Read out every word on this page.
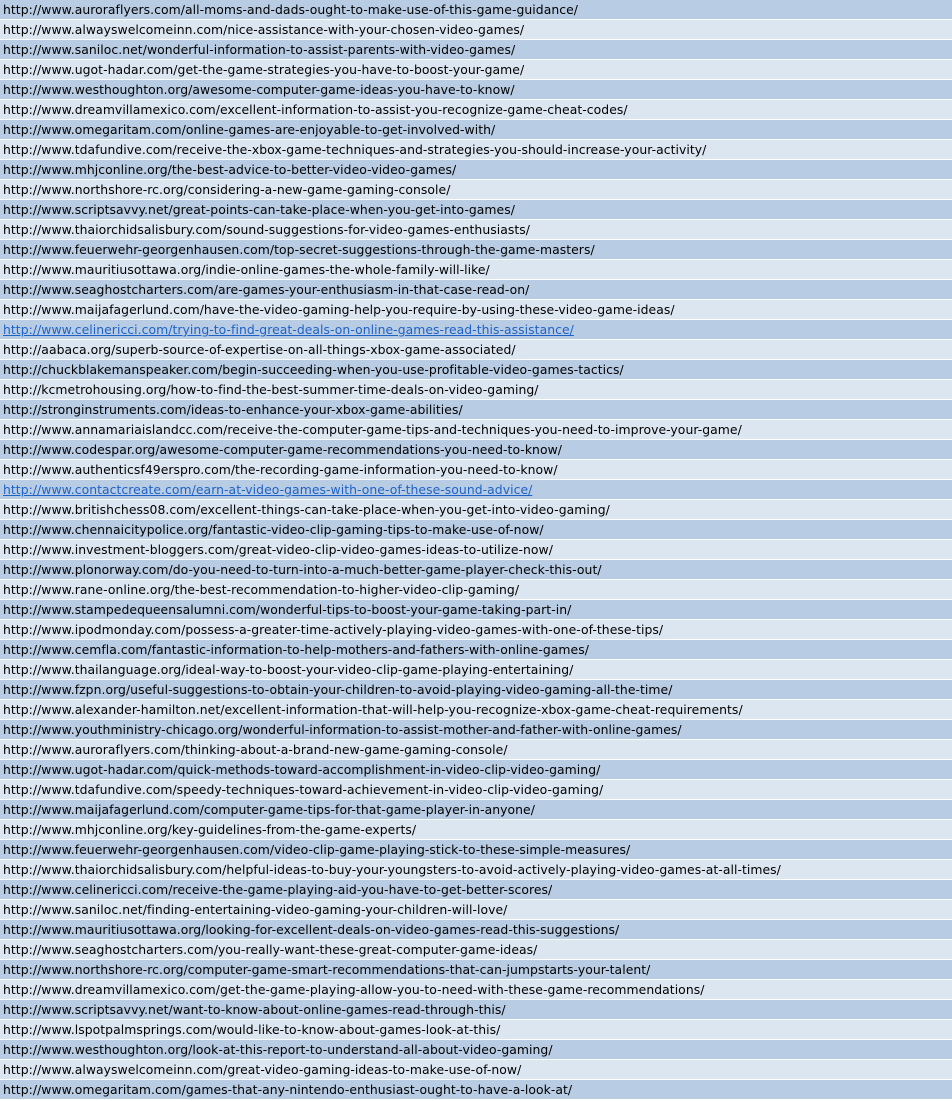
http://www.auroraflyers.com/all-moms-and-dads-ought-to-make-use-of-this-game-guidance/
http://www.alwayswelcomeinn.com/nice-assistance-with-your-chosen-video-games/
http://www.saniloc.net/wonderful-information-to-assist-parents-with-video-games/
http://www.ugot-hadar.com/get-the-game-strategies-you-have-to-boost-your-game/
http://www.westhoughton.org/awesome-computer-game-ideas-you-have-to-know/
http://www.dreamvillamexico.com/excellent-information-to-assist-you-recognize-game-cheat-codes/
http://www.omegaritam.com/online-games-are-enjoyable-to-get-involved-with/
http://www.tdafundive.com/receive-the-xbox-game-techniques-and-strategies-you-should-increase-your-activity/
http://www.mhjconline.org/the-best-advice-to-better-video-video-games/
http://www.northshore-rc.org/considering-a-new-game-gaming-console/
http://www.scriptsavvy.net/great-points-can-take-place-when-you-get-into-games/
http://www.thaiorchidsalisbury.com/sound-suggestions-for-video-games-enthusiasts/
http://www.feuerwehr-georgenhausen.com/top-secret-suggestions-through-the-game-masters/
http://www.mauritiusottawa.org/indie-online-games-the-whole-family-will-like/
http://www.seaghostcharters.com/are-games-your-enthusiasm-in-that-case-read-on/
http://www.maijafagerlund.com/have-the-video-gaming-help-you-require-by-using-these-video-game-ideas/
http://www.celinericci.com/trying-to-find-great-deals-on-online-games-read-this-assistance/
http://aabaca.org/superb-source-of-expertise-on-all-things-xbox-game-associated/
http://chuckblakemanspeaker.com/begin-succeeding-when-you-use-profitable-video-games-tactics/
http://kcmetrohousing.org/how-to-find-the-best-summer-time-deals-on-video-gaming/
http://stronginstruments.com/ideas-to-enhance-your-xbox-game-abilities/
http://www.annamariaislandcc.com/receive-the-computer-game-tips-and-techniques-you-need-to-improve-your-game/
http://www.codespar.org/awesome-computer-game-recommendations-you-need-to-know/
http://www.authenticsf49erspro.com/the-recording-game-information-you-need-to-know/
http://www.contactcreate.com/earn-at-video-games-with-one-of-these-sound-advice/
http://www.britishchess08.com/excellent-things-can-take-place-when-you-get-into-video-gaming/
http://www.chennaicitypolice.org/fantastic-video-clip-gaming-tips-to-make-use-of-now/
http://www.investment-bloggers.com/great-video-clip-video-games-ideas-to-utilize-now/
http://www.plonorway.com/do-you-need-to-turn-into-a-much-better-game-player-check-this-out/
http://www.rane-online.org/the-best-recommendation-to-higher-video-clip-gaming/
http://www.stampedequeensalumni.com/wonderful-tips-to-boost-your-game-taking-part-in/
http://www.ipodmonday.com/possess-a-greater-time-actively-playing-video-games-with-one-of-these-tips/
http://www.cemfla.com/fantastic-information-to-help-mothers-and-fathers-with-online-games/
http://www.thailanguage.org/ideal-way-to-boost-your-video-clip-game-playing-entertaining/
http://www.fzpn.org/useful-suggestions-to-obtain-your-children-to-avoid-playing-video-gaming-all-the-time/
http://www.alexander-hamilton.net/excellent-information-that-will-help-you-recognize-xbox-game-cheat-requirements/
http://www.youthministry-chicago.org/wonderful-information-to-assist-mother-and-father-with-online-games/
http://www.auroraflyers.com/thinking-about-a-brand-new-game-gaming-console/
http://www.ugot-hadar.com/quick-methods-toward-accomplishment-in-video-clip-video-gaming/
http://www.tdafundive.com/speedy-techniques-toward-achievement-in-video-clip-video-gaming/
http://www.maijafagerlund.com/computer-game-tips-for-that-game-player-in-anyone/
http://www.mhjconline.org/key-guidelines-from-the-game-experts/
http://www.feuerwehr-georgenhausen.com/video-clip-game-playing-stick-to-these-simple-measures/
http://www.thaiorchidsalisbury.com/helpful-ideas-to-buy-your-youngsters-to-avoid-actively-playing-video-games-at-all-times/
http://www.celinericci.com/receive-the-game-playing-aid-you-have-to-get-better-scores/
http://www.saniloc.net/finding-entertaining-video-gaming-your-children-will-love/
http://www.mauritiusottawa.org/looking-for-excellent-deals-on-video-games-read-this-suggestions/
http://www.seaghostcharters.com/you-really-want-these-great-computer-game-ideas/
http://www.northshore-rc.org/computer-game-smart-recommendations-that-can-jumpstarts-your-talent/
http://www.dreamvillamexico.com/get-the-game-playing-allow-you-to-need-with-these-game-recommendations/
http://www.scriptsavvy.net/want-to-know-about-online-games-read-through-this/
http://www.lspotpalmsprings.com/would-like-to-know-about-games-look-at-this/
http://www.westhoughton.org/look-at-this-report-to-understand-all-about-video-gaming/
http://www.alwayswelcomeinn.com/great-video-gaming-ideas-to-make-use-of-now/
http://www.omegaritam.com/games-that-any-nintendo-enthusiast-ought-to-have-a-look-at/
